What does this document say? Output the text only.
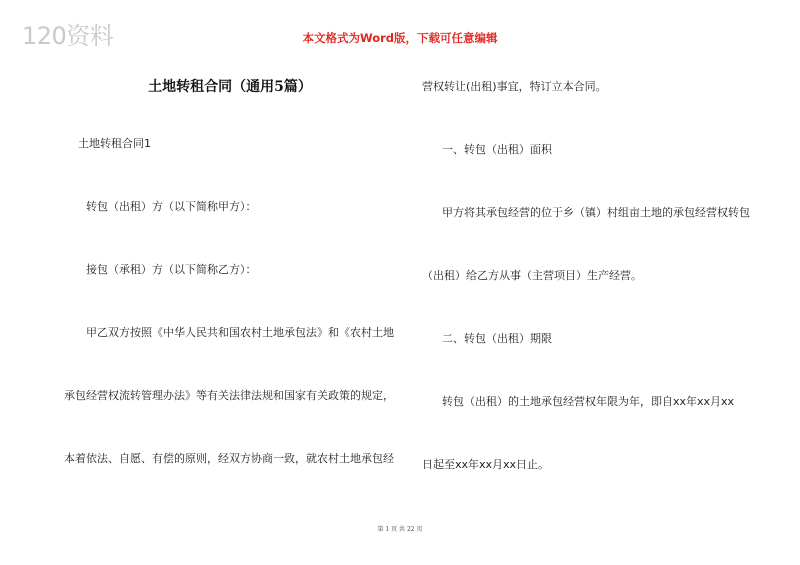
120资料	本文格式为Word版，下载可任意编辑
土地转租合同（通用5篇）
土地转租合同1
转包（出租）方（以下简称甲方）：
接包（承租）方（以下简称乙方）：
甲乙双方按照《中华人民共和国农村土地承包法》和《农村土地
承包经营权流转管理办法》等有关法律法规和国家有关政策的规定，
本着依法、自愿、有偿的原则，经双方协商一致，就农村土地承包经
营权转让(出租)事宜，特订立本合同。
一、转包（出租）面积
甲方将其承包经营的位于乡（镇）村组亩土地的承包经营权转包
（出租）给乙方从事（主营项目）生产经营。
二、转包（出租）期限
转包（出租）的土地承包经营权年限为年，即自xx年xx月xx
日起至xx年xx月xx日止。
第 1 页 共 22 页
